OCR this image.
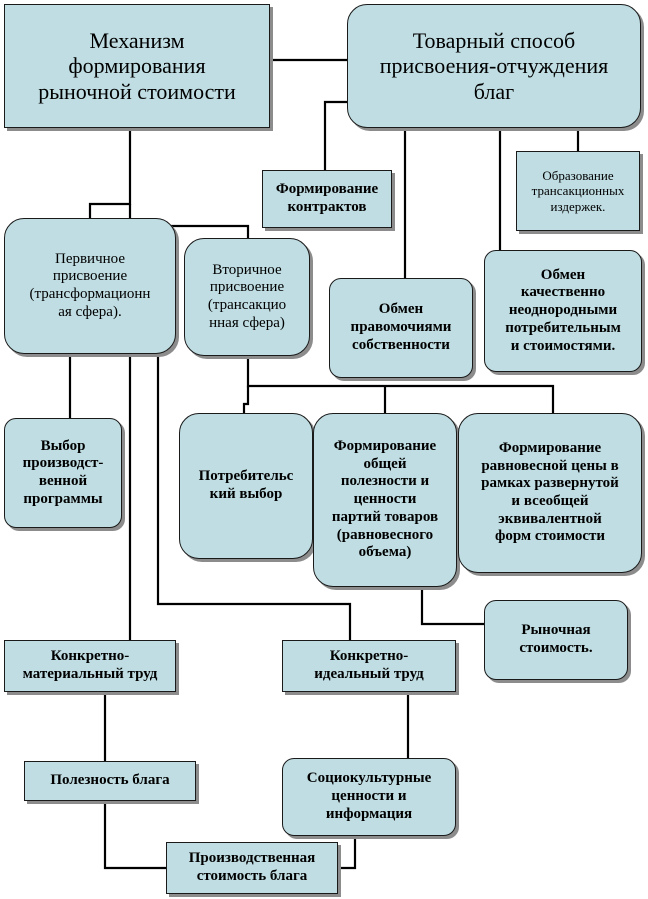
Механизм
формирования
рыночной стоимости
Товарный способ
присвоения-отчуждения
благ
Формирование
контрактов
Образование
трансакционных
издержек.
Первичное
присвоение
(трансформационн
ая сфера).
Вторичное
присвоение
(трансакцио
нная сфера)
Обмен
правомочиями
собственности
Обмен
качественно
неоднородными
потребительным
и стоимостями.
Выбор
производст-
венной
программы
Потребительс
кий выбор
Формирование
общей
полезности и
ценности
партий товаров
(равновесного
объема)
Формирование
равновесной цены в
рамках развернутой
и всеобщей
эквивалентной
форм стоимости
Рыночная
стоимость.
Конкретно-
материальный труд
Конкретно-
идеальный труд
Полезность блага	Социокультурные
ценности и
информация
Производственная
стоимость блага
